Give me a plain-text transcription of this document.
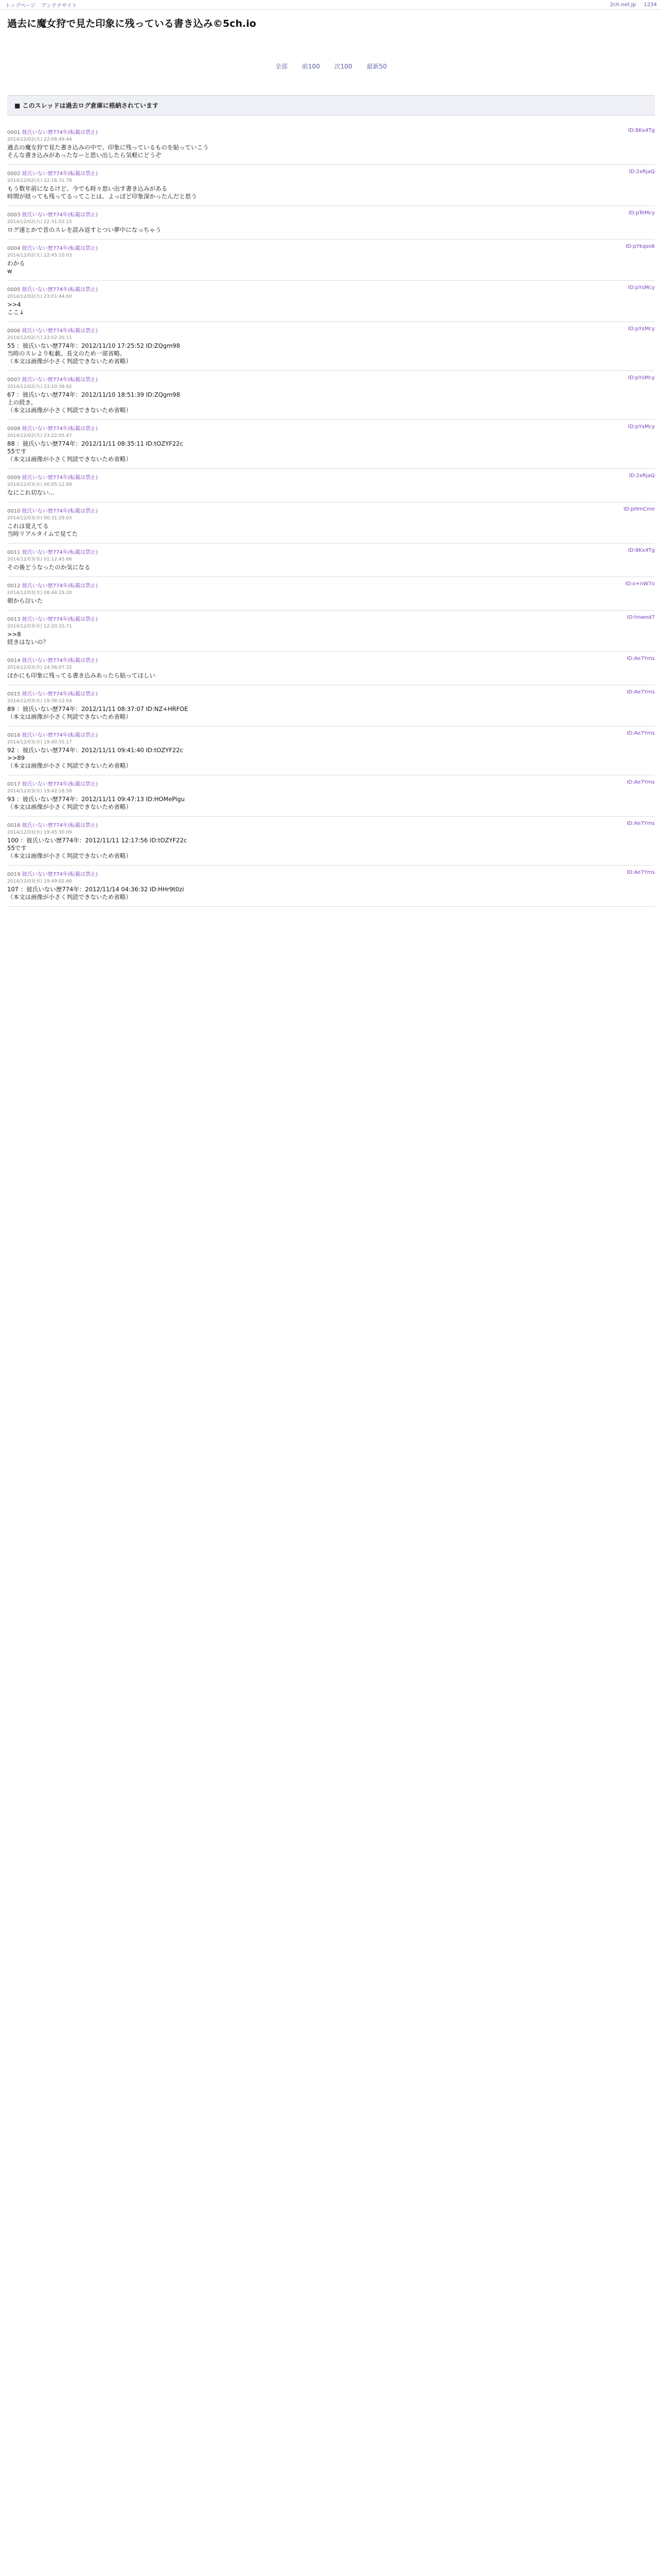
トップページ アンテナサイト	2ch.net.jp 1234
過去に魔女狩で見た印象に残っている書き込み©5ch.io
全部 前100 次100 最新50
■ このスレッドは過去ログ倉庫に格納されています
0001 彼氏いない歴774年(転載は禁止)	ID:8Kx4Tg
2014/12/02(火) 22:08:49.44
過去の魔女狩で見た書き込みの中で、印象に残っているものを貼っていこう
そんな書き込みがあったなーと思い出したら気軽にどうぞ
0002 彼氏いない歴774年(転載は禁止)	ID:2xRjaQ
2014/12/02(火) 22:16:31.78
もう数年前になるけど、今でも時々思い出す書き込みがある
時間が経っても残ってるってことは、よっぽど印象深かったんだと思う
0003 彼氏いない歴774年(転載は禁止)	ID:pTeMcy
2014/12/02(火) 22:31:02.15
ログ速とかで昔のスレを読み返すとつい夢中になっちゃう
0004 彼氏いない歴774年(転載は禁止)	ID:pYkqso6
2014/12/02(火) 22:45:10.03
わかる
w
0005 彼氏いない歴774年(転載は禁止)	ID:pYsMcy
2014/12/02(火) 23:01:44.60
>>4
ここ↓
0006 彼氏いない歴774年(転載は禁止)	ID:pYsMcy
2014/12/02(火) 23:02:20.11
55 ：彼氏いない歴774年：2012/11/10 17:25:52 ID:ZQgm98
当時のスレより転載。長文のため一部省略。
（本文は画像が小さく判読できないため省略）
0007 彼氏いない歴774年(転載は禁止)	ID:pYsMcy
2014/12/02(火) 23:10:38.92
67 ：彼氏いない歴774年：2012/11/10 18:51:39 ID:ZQgm98
上の続き。
（本文は画像が小さく判読できないため省略）
0008 彼氏いない歴774年(転載は禁止)	ID:pYsMcy
2014/12/02(火) 23:22:05.47
88 ：彼氏いない歴774年：2012/11/11 08:35:11 ID:tOZYF22c
55です
（本文は画像が小さく判読できないため省略）
0009 彼氏いない歴774年(転載は禁止)	ID:2xRjaQ
2014/12/03(水) 00:05:12.88
なにこれ切ない…
0010 彼氏いない歴774年(転載は禁止)	ID:pHmCme
2014/12/03(水) 00:31:29.03
これは覚えてる
当時リアルタイムで見てた
0011 彼氏いない歴774年(転載は禁止)	ID:8Kx4Tg
2014/12/03(水) 01:12:45.66
その後どうなったのか気になる
0012 彼氏いない歴774年(転載は禁止)	ID:o+nW7o
2014/12/03(水) 08:44:19.20
朝から泣いた
0013 彼氏いない歴774年(転載は禁止)	ID:hnwed7
2014/12/03(水) 12:20:33.71
>>8
続きはないの？
0014 彼氏いない歴774年(転載は禁止)	ID:Ae7Yms
2014/12/03(水) 14:56:07.32
ほかにも印象に残ってる書き込みあったら貼ってほしい
0015 彼氏いない歴774年(転載は禁止)	ID:Ae7Yms
2014/12/03(水) 19:38:12.04
89 ：彼氏いない歴774年：2012/11/11 08:37:07 ID:NZ+HRFOE
（本文は画像が小さく判読できないため省略）
0016 彼氏いない歴774年(転載は禁止)	ID:Ae7Yms
2014/12/03(水) 19:40:55.17
92 ：彼氏いない歴774年：2012/11/11 09:41:40 ID:tOZYF22c
>>89
（本文は画像が小さく判読できないため省略）
0017 彼氏いない歴774年(転載は禁止)	ID:Ae7Yms
2014/12/03(水) 19:42:18.58
93 ：彼氏いない歴774年：2012/11/11 09:47:13 ID:HOMePigu
（本文は画像が小さく判読できないため省略）
0018 彼氏いない歴774年(転載は禁止)	ID:Ae7Yms
2014/12/03(水) 19:45:30.09
100 ：彼氏いない歴774年：2012/11/11 12:17:56 ID:tOZYF22c
55です
（本文は画像が小さく判読できないため省略）
0019 彼氏いない歴774年(転載は禁止)	ID:Ae7Yms
2014/12/03(水) 19:49:02.66
107 ：彼氏いない歴774年：2012/11/14 04:36:32 ID:HHr9t0zi
（本文は画像が小さく判読できないため省略）
